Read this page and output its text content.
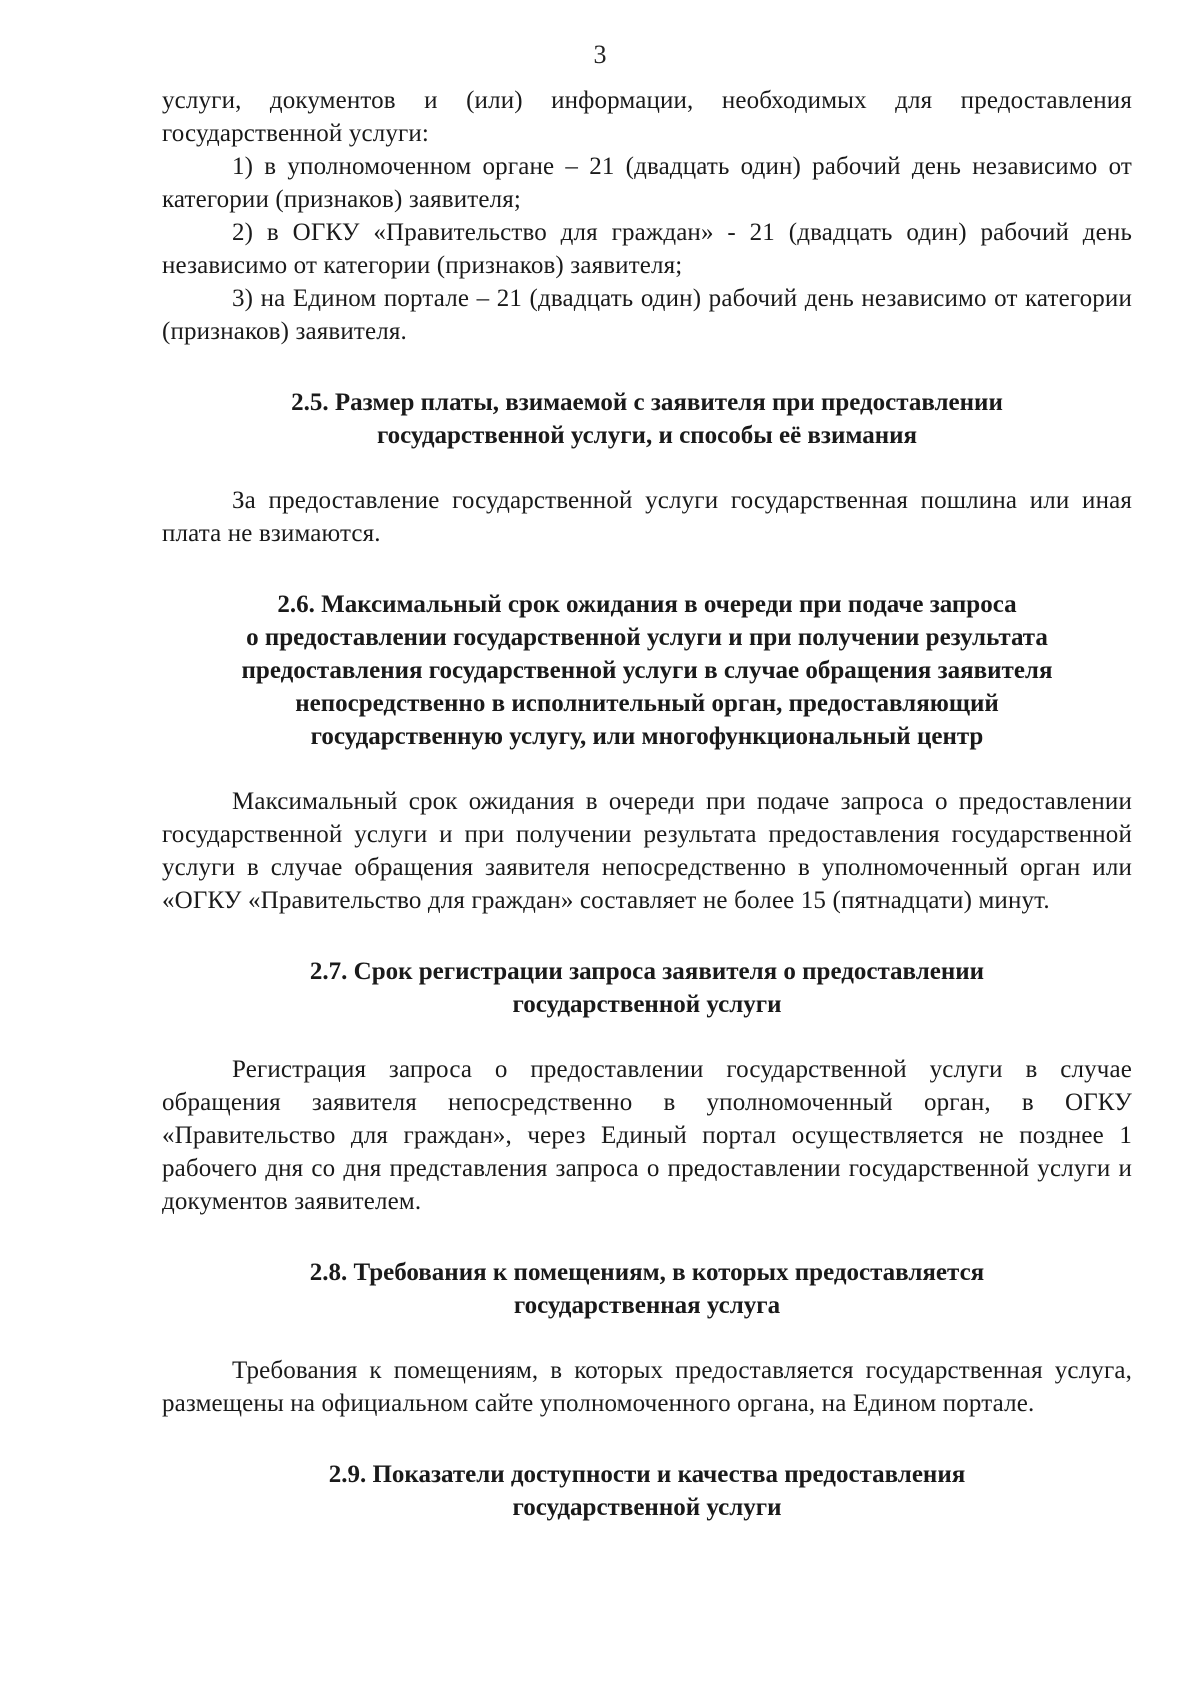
3

услуги, документов и (или) информации, необходимых для предоставления государственной услуги:

1) в уполномоченном органе – 21 (двадцать один) рабочий день независимо от категории (признаков) заявителя;

2) в ОГКУ «Правительство для граждан» - 21 (двадцать один) рабочий день независимо от категории (признаков) заявителя;

3) на Едином портале – 21 (двадцать один) рабочий день независимо от категории (признаков) заявителя.

2.5. Размер платы, взимаемой с заявителя при предоставлении
государственной услуги, и способы её взимания

За предоставление государственной услуги государственная пошлина или иная плата не взимаются.

2.6. Максимальный срок ожидания в очереди при подаче запроса
о предоставлении государственной услуги и при получении результата
предоставления государственной услуги в случае обращения заявителя
непосредственно в исполнительный орган, предоставляющий
государственную услугу, или многофункциональный центр

Максимальный срок ожидания в очереди при подаче запроса о предоставлении государственной услуги и при получении результата предоставления государственной услуги в случае обращения заявителя непосредственно в уполномоченный орган или «ОГКУ «Правительство для граждан» составляет не более 15 (пятнадцати) минут.

2.7. Срок регистрации запроса заявителя о предоставлении
государственной услуги

Регистрация запроса о предоставлении государственной услуги в случае обращения заявителя непосредственно в уполномоченный орган, в ОГКУ «Правительство для граждан», через Единый портал осуществляется не позднее 1 рабочего дня со дня представления запроса о предоставлении государственной услуги и документов заявителем.

2.8. Требования к помещениям, в которых предоставляется
государственная услуга

Требования к помещениям, в которых предоставляется государственная услуга, размещены на официальном сайте уполномоченного органа, на Едином портале.

2.9. Показатели доступности и качества предоставления
государственной услуги
